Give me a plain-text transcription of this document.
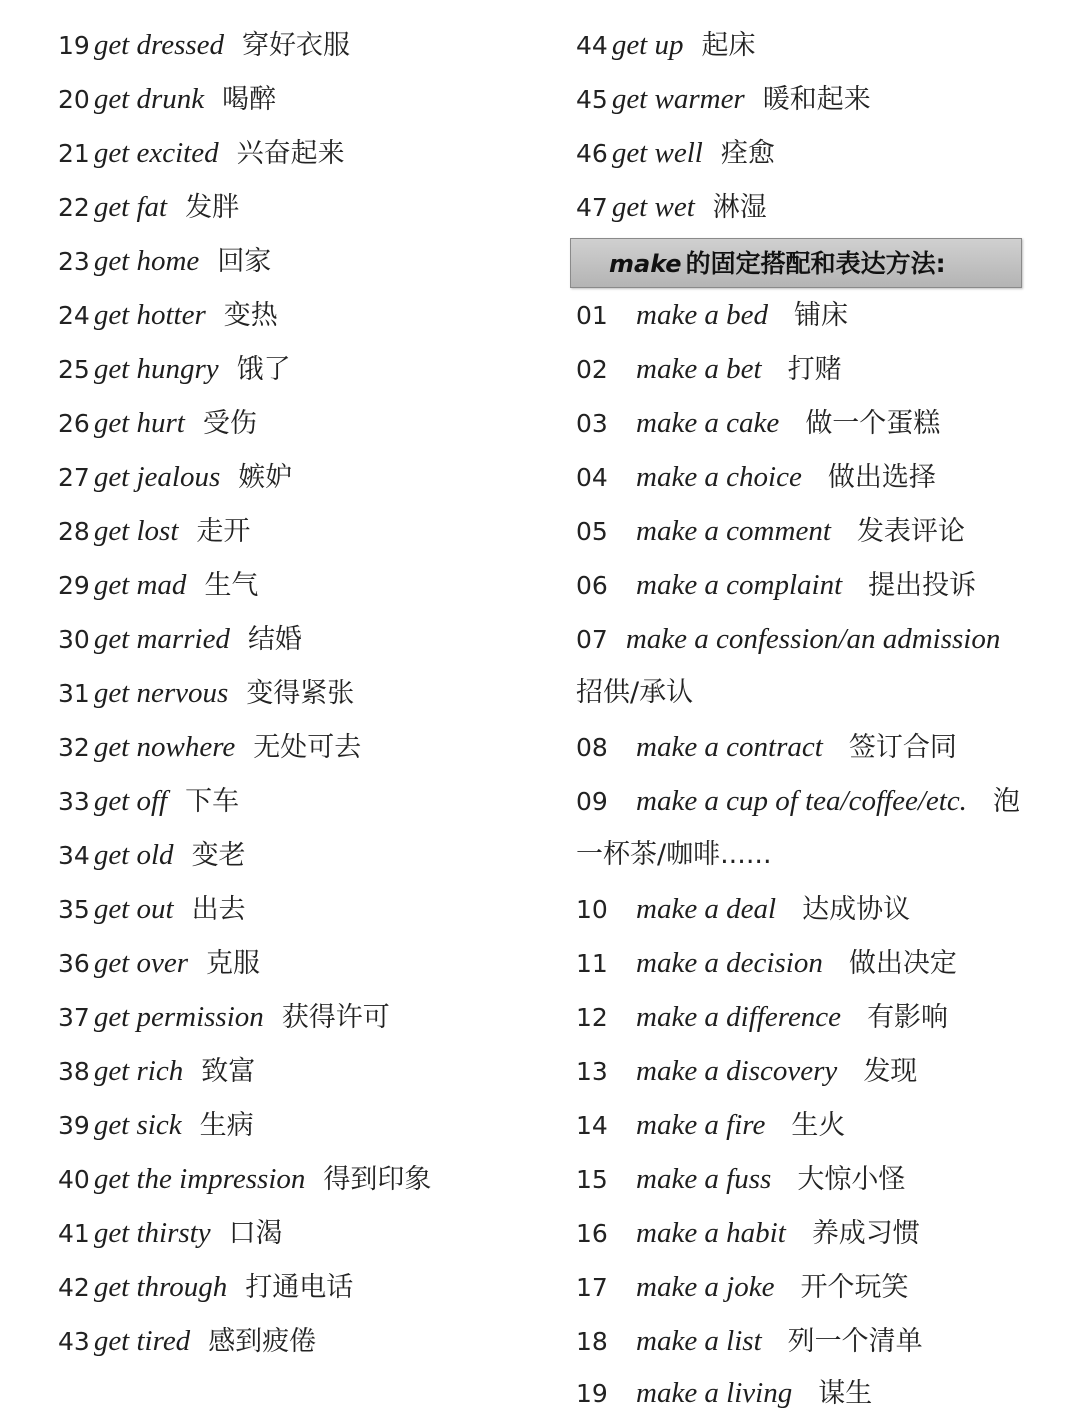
19 get dressed 穿好衣服
20 get drunk 喝醉
21 get excited 兴奋起来
22 get fat 发胖
23 get home 回家
24 get hotter 变热
25 get hungry 饿了
26 get hurt 受伤
27 get jealous 嫉妒
28 get lost 走开
29 get mad 生气
30 get married 结婚
31 get nervous 变得紧张
32 get nowhere 无处可去
33 get off 下车
34 get old 变老
35 get out 出去
36 get over 克服
37 get permission 获得许可
38 get rich 致富
39 get sick 生病
40 get the impression 得到印象
41 get thirsty 口渴
42 get through 打通电话
43 get tired 感到疲倦
44 get up 起床
45 get warmer 暖和起来
46 get well 痊愈
47 get wet 淋湿
make 的固定搭配和表达方法:
01 make a bed 铺床
02 make a bet 打赌
03 make a cake 做一个蛋糕
04 make a choice 做出选择
05 make a comment 发表评论
06 make a complaint 提出投诉
07 make a confession/an admission
招供/承认
08 make a contract 签订合同
09 make a cup of tea/coffee/etc. 泡
一杯茶/咖啡......
10 make a deal 达成协议
11 make a decision 做出决定
12 make a difference 有影响
13 make a discovery 发现
14 make a fire 生火
15 make a fuss 大惊小怪
16 make a habit 养成习惯
17 make a joke 开个玩笑
18 make a list 列一个清单
19 make a living 谋生
